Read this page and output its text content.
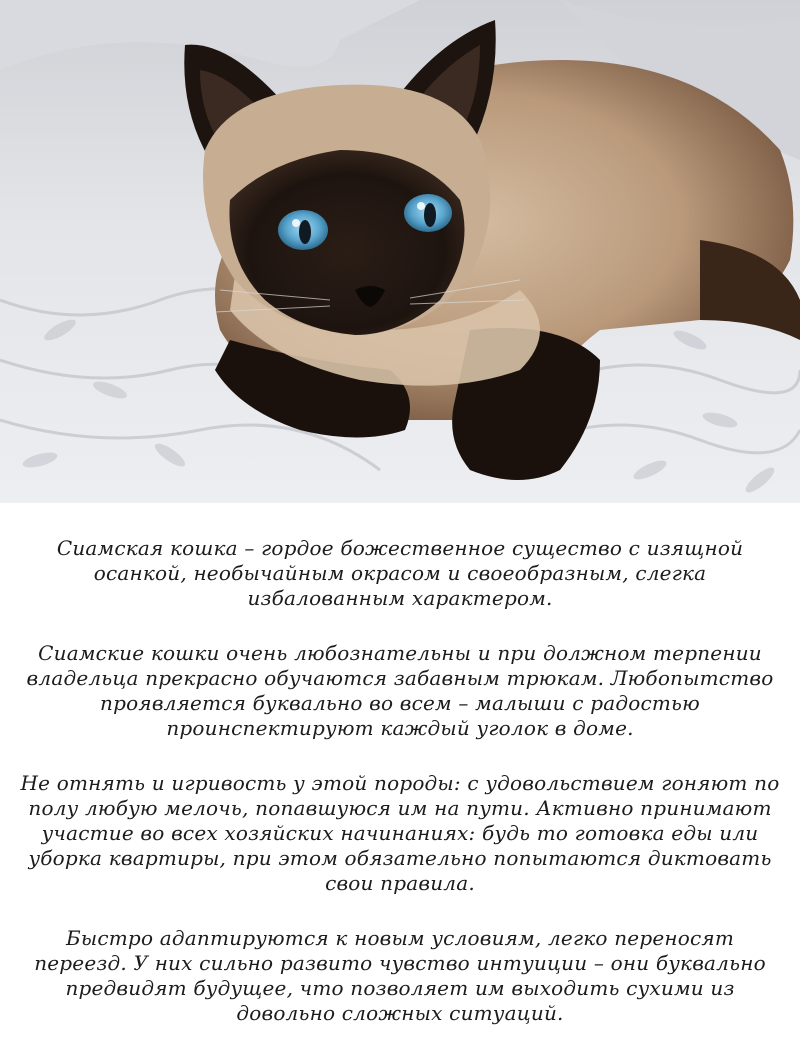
Сиамская кошка – гордое божественное существо с изящной осанкой, необычайным окрасом и своеобразным, слегка избалованным характером.

Сиамские кошки очень любознательны и при должном терпении владельца прекрасно обучаются забавным трюкам. Любопытство проявляется буквально во всем – малыши с радостью проинспектируют каждый уголок в доме.

Не отнять и игривость у этой породы: с удовольствием гоняют по полу любую мелочь, попавшуюся им на пути. Активно принимают участие во всех хозяйских начинаниях: будь то готовка еды или уборка квартиры, при этом обязательно попытаются диктовать свои правила.

Быстро адаптируются к новым условиям, легко переносят переезд. У них сильно развито чувство интуиции – они буквально предвидят будущее, что позволяет им выходить сухими из довольно сложных ситуаций.
